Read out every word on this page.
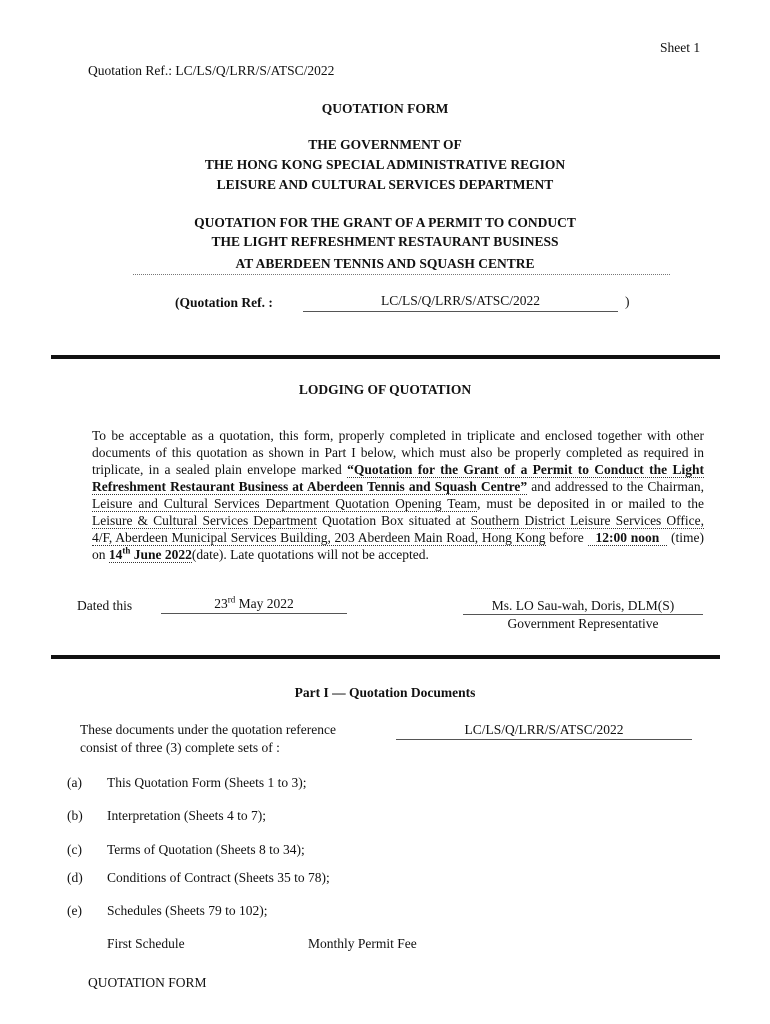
Sheet 1
Quotation Ref.: LC/LS/Q/LRR/S/ATSC/2022
QUOTATION FORM
THE GOVERNMENT OF
THE HONG KONG SPECIAL ADMINISTRATIVE REGION
LEISURE AND CULTURAL SERVICES DEPARTMENT
QUOTATION FOR THE GRANT OF A PERMIT TO CONDUCT
THE LIGHT REFRESHMENT RESTAURANT BUSINESS
AT ABERDEEN TENNIS AND SQUASH CENTRE
(Quotation Ref. :	LC/LS/Q/LRR/S/ATSC/2022	)
LODGING OF QUOTATION
To be acceptable as a quotation, this form, properly completed in triplicate and enclosed together with other documents of this quotation as shown in Part I below, which must also be properly completed as required in triplicate, in a sealed plain envelope marked “Quotation for the Grant of a Permit to Conduct the Light Refreshment Restaurant Business at Aberdeen Tennis and Squash Centre” and addressed to the Chairman, Leisure and Cultural Services Department Quotation Opening Team, must be deposited in or mailed to the Leisure & Cultural Services Department Quotation Box situated at Southern District Leisure Services Office, 4/F, Aberdeen Municipal Services Building, 203 Aberdeen Main Road, Hong Kong before 12:00 noon (time) on 14th June 2022(date). Late quotations will not be accepted.
Dated this	23rd May 2022	Ms. LO Sau-wah, Doris, DLM(S)
Government Representative
Part I — Quotation Documents
These documents under the quotation reference
consist of three (3) complete sets of :
LC/LS/Q/LRR/S/ATSC/2022
(a) This Quotation Form (Sheets 1 to 3);
(b) Interpretation (Sheets 4 to 7);
(c) Terms of Quotation (Sheets 8 to 34);
(d) Conditions of Contract (Sheets 35 to 78);
(e) Schedules (Sheets 79 to 102);
First Schedule	Monthly Permit Fee
QUOTATION FORM
